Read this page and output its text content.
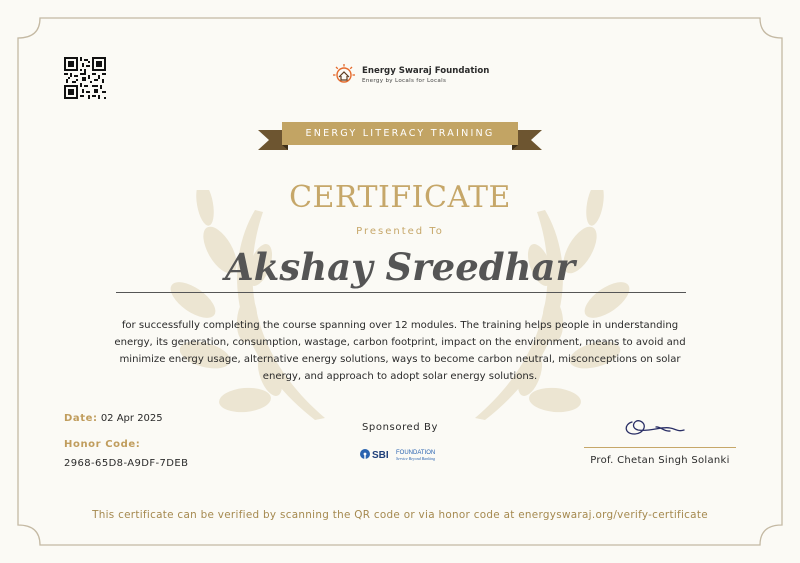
Energy Swaraj Foundation
Energy by Locals for Locals
ENERGY LITERACY TRAINING
CERTIFICATE
Presented To
Akshay Sreedhar
for successfully completing the course spanning over 12 modules. The training helps people in understanding energy, its generation, consumption, wastage, carbon footprint, impact on the environment, means to avoid and minimize energy usage, alternative energy solutions, ways to become carbon neutral, misconceptions on solar energy, and approach to adopt solar energy solutions.
Date: 02 Apr 2025
Honor Code:
2968-65D8-A9DF-7DEB
Sponsored By
SBI FOUNDATION
Service Beyond Banking	Prof. Chetan Singh Solanki
This certificate can be verified by scanning the QR code or via honor code at energyswaraj.org/verify-certificate
